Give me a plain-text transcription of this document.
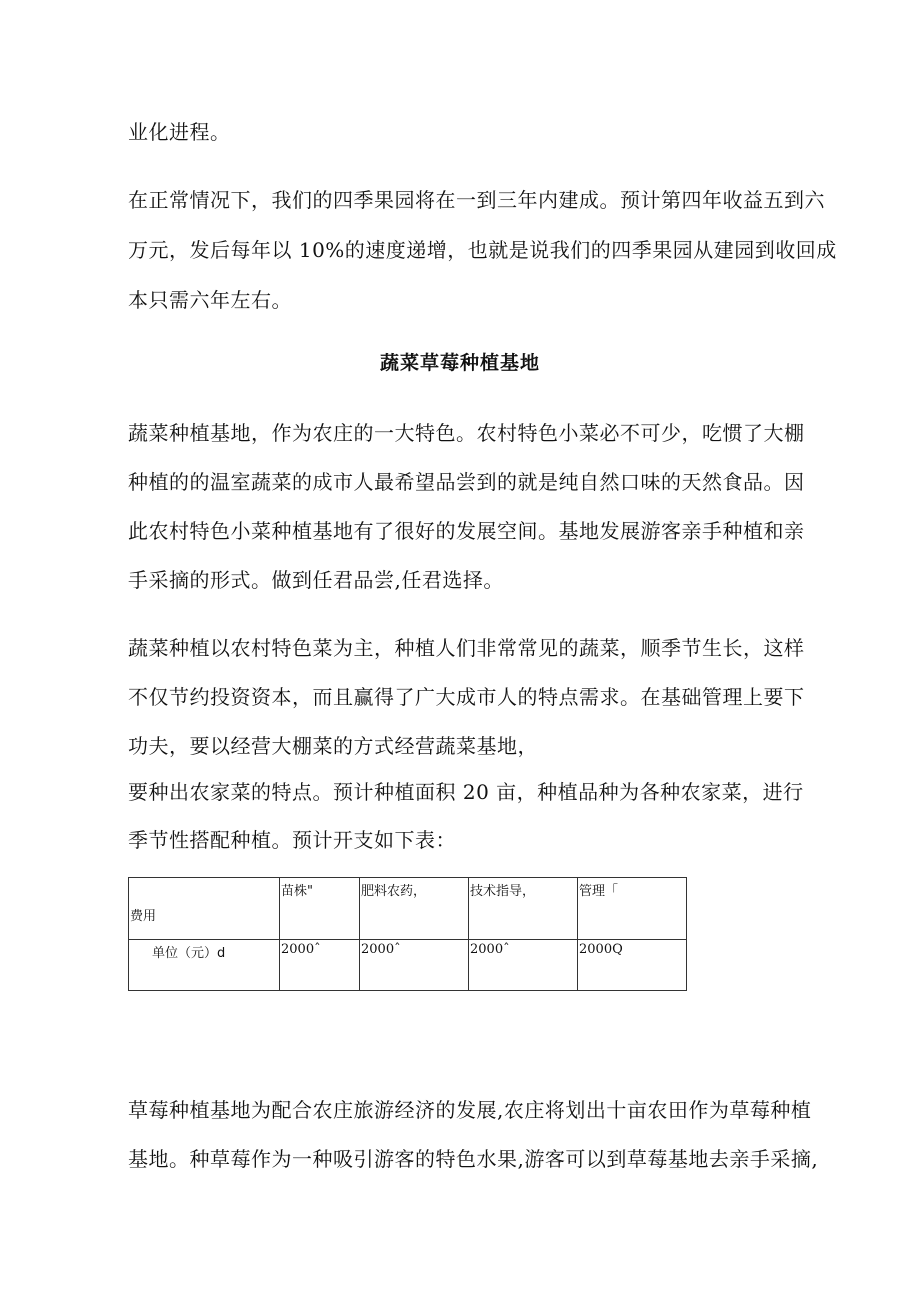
业化进程。
在正常情况下，我们的四季果园将在一到三年内建成。预计第四年收益五到六
万元，发后每年以 10%的速度递增，也就是说我们的四季果园从建园到收回成
本只需六年左右。
蔬菜草莓种植基地
蔬菜种植基地，作为农庄的一大特色。农村特色小菜必不可少，吃惯了大棚
种植的的温室蔬菜的成市人最希望品尝到的就是纯自然口味的天然食品。因
此农村特色小菜种植基地有了很好的发展空间。基地发展游客亲手种植和亲
手采摘的形式。做到任君品尝,任君选择。
蔬菜种植以农村特色菜为主，种植人们非常常见的蔬菜，顺季节生长，这样
不仅节约投资资本，而且赢得了广大成市人的特点需求。在基础管理上要下
功夫，要以经营大棚菜的方式经营蔬菜基地，
要种出农家菜的特点。预计种植面积 20 亩，种植品种为各种农家菜，进行
季节性搭配种植。预计开支如下表：
费用	苗株"	肥料农药，	技术指导，	管理「

单位（元）d	2000ˆ	2000ˆ	2000ˆ	2000Q
草莓种植基地为配合农庄旅游经济的发展,农庄将划出十亩农田作为草莓种植
基地。种草莓作为一种吸引游客的特色水果,游客可以到草莓基地去亲手采摘,
